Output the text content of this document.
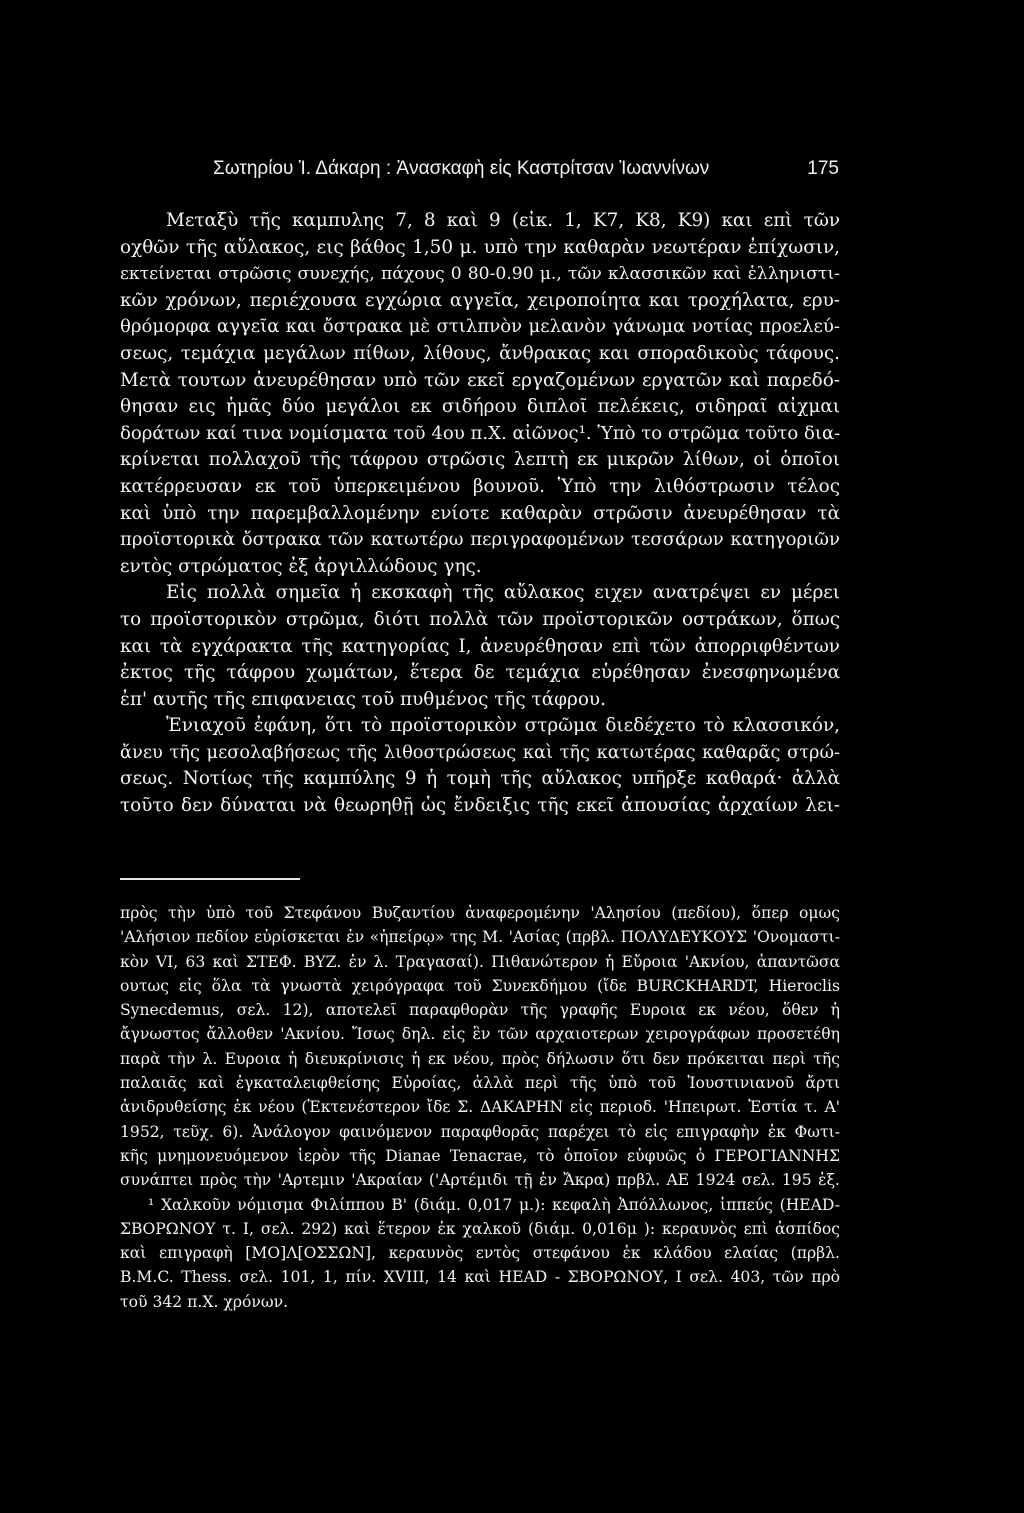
Σωτηρίου Ἰ. Δάκαρη : Ἀνασκαφὴ εἰς Καστρίτσαν Ἰωαννίνων	175
Μεταξὺ τῆς καμπυλης 7, 8 καὶ 9 (εἰκ. 1, Κ7, Κ8, Κ9) και επὶ τῶν
οχθῶν τῆς αὔλακος, εις βάθος 1,50 μ. υπὸ την καθαρὰν νεωτέραν ἐπίχωσιν,
εκτείνεται στρῶσις συνεχής, πάχους 0 80-0.90 μ., τῶν κλασσικῶν καὶ ἑλληνιστι-
κῶν χρόνων, περιέχουσα εγχώρια αγγεῖα, χειροποίητα και τροχήλατα, ερυ-
θρόμορφα αγγεῖα και ὄστρακα μὲ στιλπνὸν μελανὸν γάνωμα νοτίας προελεύ-
σεως, τεμάχια μεγάλων πίθων, λίθους, ἄνθρακας και σποραδικοὺς τάφους.
Μετὰ τουτων ἀνευρέθησαν υπὸ τῶν εκεῖ εργαζομένων εργατῶν καὶ παρεδό-
θησαν εις ἡμᾶς δύο μεγάλοι εκ σιδήρου διπλοῖ πελέκεις, σιδηραῖ αἰχμαι
δοράτων καί τινα νομίσματα τοῦ 4ου π.Χ. αἰῶνος¹. Ὑπὸ το στρῶμα τοῦτο δια-
κρίνεται πολλαχοῦ τῆς τάφρου στρῶσις λεπτὴ εκ μικρῶν λίθων, οἱ ὁποῖοι
κατέρρευσαν εκ τοῦ ὑπερκειμένου βουνοῦ. Ὑπὸ την λιθόστρωσιν τέλος
καὶ ὑπὸ την παρεμβαλλομένην ενίοτε καθαρὰν στρῶσιν ἀνευρέθησαν τὰ
προϊστορικὰ ὄστρακα τῶν κατωτέρω περιγραφομένων τεσσάρων κατηγοριῶν
εντὸς στρώματος ἐξ ἀργιλλώδους γης.
Εἰς πολλὰ σημεῖα ἡ εκσκαφὴ τῆς αὔλακος ειχεν ανατρέψει εν μέρει
το προϊστορικὸν στρῶμα, διότι πολλὰ τῶν προϊστορικῶν οστράκων, ὅπως
και τὰ εγχάρακτα τῆς κατηγορίας I, ἀνευρέθησαν επὶ τῶν ἀπορριφθέντων
ἐκτος τῆς τάφρου χωμάτων, ἕτερα δε τεμάχια εὑρέθησαν ἐνεσφηνωμένα
ἐπ' αυτῆς τῆς επιφανειας τοῦ πυθμένος τῆς τάφρου.
Ἐνιαχοῦ ἐφάνη, ὅτι τὸ προϊστορικὸν στρῶμα διεδέχετο τὸ κλασσικόν,
ἄνευ τῆς μεσολαβήσεως τῆς λιθοστρώσεως καὶ τῆς κατωτέρας καθαρᾶς στρώ-
σεως. Νοτίως τῆς καμπύλης 9 ἡ τομὴ τῆς αὔλακος υπῆρξε καθαρά· ἀλλὰ
τοῦτο δεν δύναται νὰ θεωρηθῇ ὡς ἔνδειξις τῆς εκεῖ ἀπουσίας ἀρχαίων λει-
πρὸς τὴν ὑπὸ τοῦ Στεφάνου Βυζαντίου ἀναφερομένην 'Αλησίου (πεδίου), ὅπερ ομως
'Αλήσιον πεδίον εὑρίσκεται ἐν «ἠπείρῳ» της Μ. 'Ασίας (πρβλ. ΠΟΛΥΔΕΥΚΟΥΣ 'Ονομαστι-
κὸν VI, 63 καὶ ΣΤΕΦ. ΒΥΖ. ἐν λ. Τραγασαί). Πιθανώτερον ἡ Εὔροια 'Ακνίου, ἁπαντῶσα
ουτως εἰς ὅλα τὰ γνωστὰ χειρόγραφα τοῦ Συνεκδήμου (ἴδε BURCKHARDT, Hierοclis
Synecdemus, σελ. 12), αποτελεῖ παραφθορὰν τῆς γραφῆς Ευροια εκ νέου, ὅθεν ἡ
ἄγνωστος ἄλλοθεν 'Ακνίου. Ἴσως δηλ. εἰς ἓν τῶν αρχαιοτερων χειρογράφων προσετέθη
παρὰ τὴν λ. Ευροια ἡ διευκρίνισις ἡ εκ νέου, πρὸς δήλωσιν ὅτι δεν πρόκειται περὶ τῆς
παλαιᾶς καὶ ἐγκαταλειφθείσης Εὐροίας, ἀλλὰ περὶ τῆς ὑπὸ τοῦ Ἰουστινιανοῦ ἄρτι
ἀνιδρυθείσης ἐκ νέου (Ἐκτενέστερον ἴδε Σ. ΔΑΚΑΡΗΝ εἰς περιοδ. 'Ηπειρωτ. Ἑστία τ. Α'
1952, τεῦχ. 6). Ἀνάλογον φαινόμενον παραφθορᾶς παρέχει τὸ εἰς επιγραφὴν ἐκ Φωτι-
κῆς μνημονευόμενον ἱερὸν τῆς Dianae Tenacrae, τὸ ὁποῖον εὐφυῶς ὁ ΓΕΡΟΓΙΑΝΝΗΣ
συνάπτει πρὸς τὴν 'Αρτεμιν 'Ακραίαν ('Αρτέμιδι τῇ ἐν Ἄκρα) πρβλ. ΑΕ 1924 σελ. 195 ἑξ.
¹ Χαλκοῦν νόμισμα Φιλίππου Β' (διάμ. 0,017 μ.): κεφαλὴ Ἀπόλλωνος, ἱππεύς (HEAD-
ΣΒΟΡΩΝΟΥ τ. I, σελ. 292) καὶ ἕτερον ἐκ χαλκοῦ (διάμ. 0,016μ ): κεραυνὸς επὶ ἀσπίδος
καὶ επιγραφὴ [ΜΟ]Λ[ΟΣΣΩΝ], κεραυνὸς εντὸς στεφάνου ἐκ κλάδου ελαίας (πρβλ.
B.M.C. Thess. σελ. 101, 1, πίν. XVIII, 14 καὶ HEAD - ΣΒΟΡΩΝΟΥ, I σελ. 403, τῶν πρὸ
τοῦ 342 π.Χ. χρόνων.
